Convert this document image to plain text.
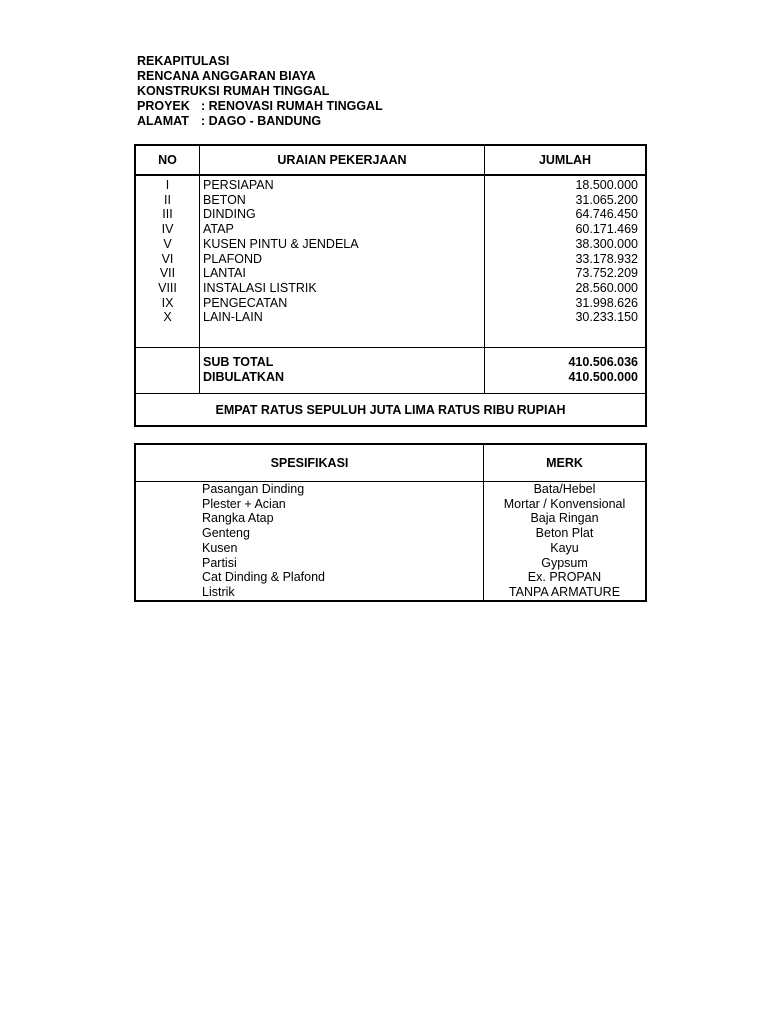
REKAPITULASI
RENCANA ANGGARAN BIAYA
KONSTRUKSI RUMAH TINGGAL
PROYEK : RENOVASI RUMAH TINGGAL
ALAMAT : DAGO - BANDUNG
NO	URAIAN PEKERJAAN	JUMLAH
I	PERSIAPAN	18.500.000
II	BETON	31.065.200
III	DINDING	64.746.450
IV	ATAP	60.171.469
V	KUSEN PINTU & JENDELA	38.300.000
VI	PLAFOND	33.178.932
VII	LANTAI	73.752.209
VIII	INSTALASI LISTRIK	28.560.000
IX	PENGECATAN	31.998.626
X	LAIN-LAIN	30.233.150

	SUB TOTAL	410.506.036
	DIBULATKAN	410.500.000
EMPAT RATUS SEPULUH JUTA LIMA RATUS RIBU RUPIAH		
SPESIFIKASI	MERK
Pasangan Dinding	Bata/Hebel
Plester + Acian	Mortar / Konvensional
Rangka Atap	Baja Ringan
Genteng	Beton Plat
Kusen	Kayu
Partisi	Gypsum
Cat Dinding & Plafond	Ex. PROPAN
Listrik	TANPA ARMATURE
